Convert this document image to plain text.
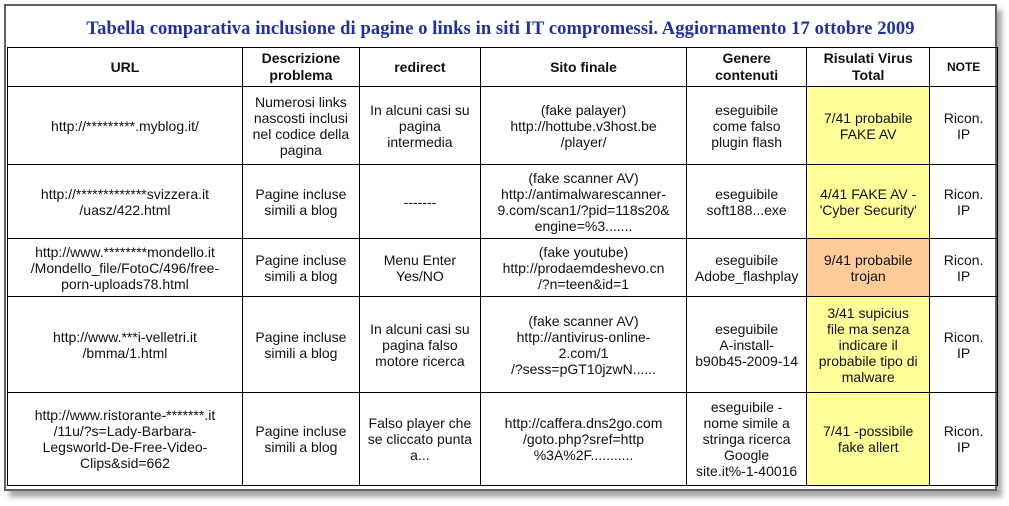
Tabella comparativa inclusione di pagine o links in siti IT compromessi. Aggiornamento 17 ottobre 2009
URL	Descrizione
problema	redirect	Sito finale	Genere
contenuti	Risulati Virus
Total	NOTE

http://*********.myblog.it/	Numerosi links
nascosti inclusi
nel codice della
pagina	In alcuni casi su
pagina
intermedia	(fake palayer)
http://hottube.v3host.be
/player/	eseguibile
come falso
plugin flash	7/41 probabile
FAKE AV	Ricon.
IP

http://*************svizzera.it
/uasz/422.html	Pagine incluse
simili a blog	-------	(fake scanner AV)
http://antimalwarescanner-
9.com/scan1/?pid=118s20&
engine=%3.......	eseguibile
soft188...exe	4/41 FAKE AV -
'Cyber Security'	Ricon.
IP

http://www.********mondello.it
/Mondello_file/FotoC/496/free-
porn-uploads78.html	Pagine incluse
simili a blog	Menu Enter
Yes/NO	(fake youtube)
http://prodaemdeshevo.cn
/?n=teen&id=1	eseguibile
Adobe_flashplay	9/41 probabile
trojan	Ricon.
IP

http://www.***i-velletri.it
/bmma/1.html	Pagine incluse
simili a blog	In alcuni casi su
pagina falso
motore ricerca	(fake scanner AV)
http://antivirus-online-
2.com/1
/?sess=pGT10jzwN......	eseguibile
A-install-
b90b45-2009-14	3/41 supicius
file ma senza
indicare il
probabile tipo di
malware	Ricon.
IP

http://www.ristorante-*******.it
/11u/?s=Lady-Barbara-
Legsworld-De-Free-Video-
Clips&sid=662	Pagine incluse
simili a blog	Falso player che
se cliccato punta
a...	http://caffera.dns2go.com
/goto.php?sref=http
%3A%2F...........	eseguibile -
nome simile a
stringa ricerca
Google
site.it%-1-40016	7/41 -possibile
fake allert	Ricon.
IP
